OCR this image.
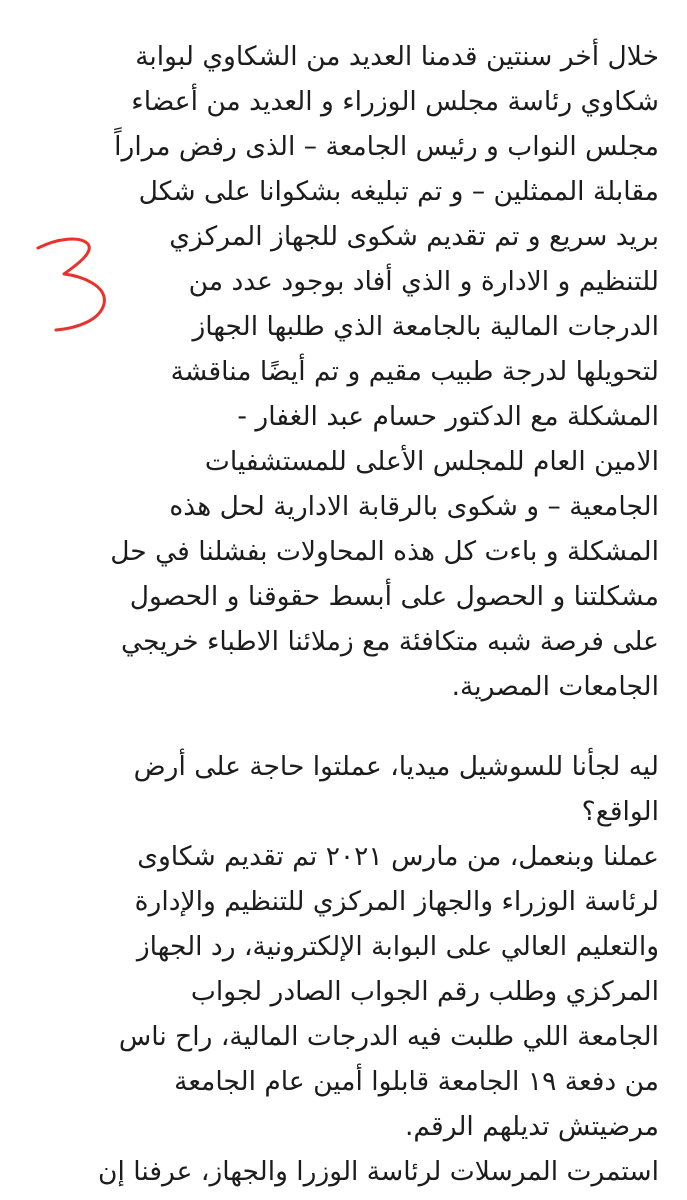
خلال أخر سنتين قدمنا العديد من الشكاوي لبوابة
شكاوي رئاسة مجلس الوزراء و العديد من أعضاء
مجلس النواب و رئيس الجامعة – الذى رفض مراراً
مقابلة الممثلين – و تم تبليغه بشكوانا على شكل
بريد سريع و تم تقديم شكوى للجهاز المركزي
للتنظيم و الادارة و الذي أفاد بوجود عدد من
الدرجات المالية بالجامعة الذي طلبها الجهاز
لتحويلها لدرجة طبيب مقيم و تم أيضًا مناقشة
المشكلة مع الدكتور حسام عبد الغفار -
الامين العام للمجلس الأعلى للمستشفيات
الجامعية – و شكوى بالرقابة الادارية لحل هذه
المشكلة و باءت كل هذه المحاولات بفشلنا في حل
مشكلتنا و الحصول على أبسط حقوقنا و الحصول
على فرصة شبه متكافئة مع زملائنا الاطباء خريجي
الجامعات المصرية.
ليه لجأنا للسوشيل ميديا، عملتوا حاجة على أرض
الواقع؟
عملنا وبنعمل، من مارس ٢٠٢١ تم تقديم شكاوى
لرئاسة الوزراء والجهاز المركزي للتنظيم والإدارة
والتعليم العالي على البوابة الإلكترونية، رد الجهاز
المركزي وطلب رقم الجواب الصادر لجواب
الجامعة اللي طلبت فيه الدرجات المالية، راح ناس
من دفعة ١٩ الجامعة قابلوا أمين عام الجامعة
مرضيتش تديلهم الرقم.
استمرت المرسلات لرئاسة الوزرا والجهاز، عرفنا إن
